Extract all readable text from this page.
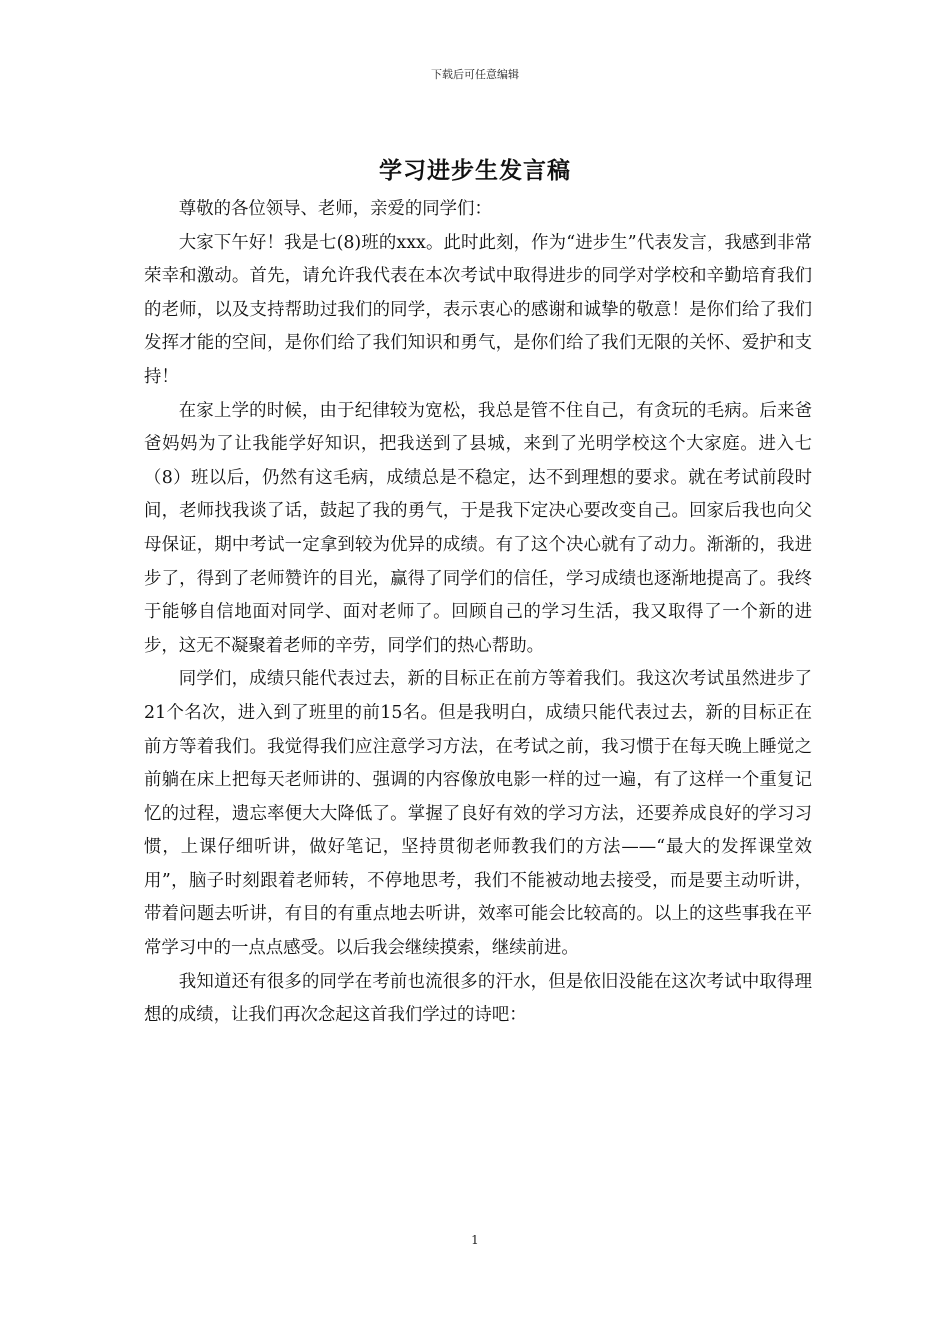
下载后可任意编辑
学习进步生发言稿

尊敬的各位领导、老师，亲爱的同学们：

大家下午好！我是七(8)班的xxx。此时此刻，作为“进步生”代表发言，我感到非常荣幸和激动。首先，请允许我代表在本次考试中取得进步的同学对学校和辛勤培育我们的老师，以及支持帮助过我们的同学，表示衷心的感谢和诚挚的敬意！是你们给了我们发挥才能的空间，是你们给了我们知识和勇气，是你们给了我们无限的关怀、爱护和支持！

在家上学的时候，由于纪律较为宽松，我总是管不住自己，有贪玩的毛病。后来爸爸妈妈为了让我能学好知识，把我送到了县城，来到了光明学校这个大家庭。进入七（8）班以后，仍然有这毛病，成绩总是不稳定，达不到理想的要求。就在考试前段时间，老师找我谈了话，鼓起了我的勇气，于是我下定决心要改变自己。回家后我也向父母保证，期中考试一定拿到较为优异的成绩。有了这个决心就有了动力。渐渐的，我进步了，得到了老师赞许的目光，赢得了同学们的信任，学习成绩也逐渐地提高了。我终于能够自信地面对同学、面对老师了。回顾自己的学习生活，我又取得了一个新的进步，这无不凝聚着老师的辛劳，同学们的热心帮助。

同学们，成绩只能代表过去，新的目标正在前方等着我们。我这次考试虽然进步了21个名次，进入到了班里的前15名。但是我明白，成绩只能代表过去，新的目标正在前方等着我们。我觉得我们应注意学习方法，在考试之前，我习惯于在每天晚上睡觉之前躺在床上把每天老师讲的、强调的内容像放电影一样的过一遍，有了这样一个重复记忆的过程，遗忘率便大大降低了。掌握了良好有效的学习方法，还要养成良好的学习习惯，上课仔细听讲，做好笔记，坚持贯彻老师教我们的方法——“最大的发挥课堂效用”，脑子时刻跟着老师转，不停地思考，我们不能被动地去接受，而是要主动听讲，带着问题去听讲，有目的有重点地去听讲，效率可能会比较高的。以上的这些事我在平常学习中的一点点感受。以后我会继续摸索，继续前进。

我知道还有很多的同学在考前也流很多的汗水，但是依旧没能在这次考试中取得理想的成绩，让我们再次念起这首我们学过的诗吧：

1
